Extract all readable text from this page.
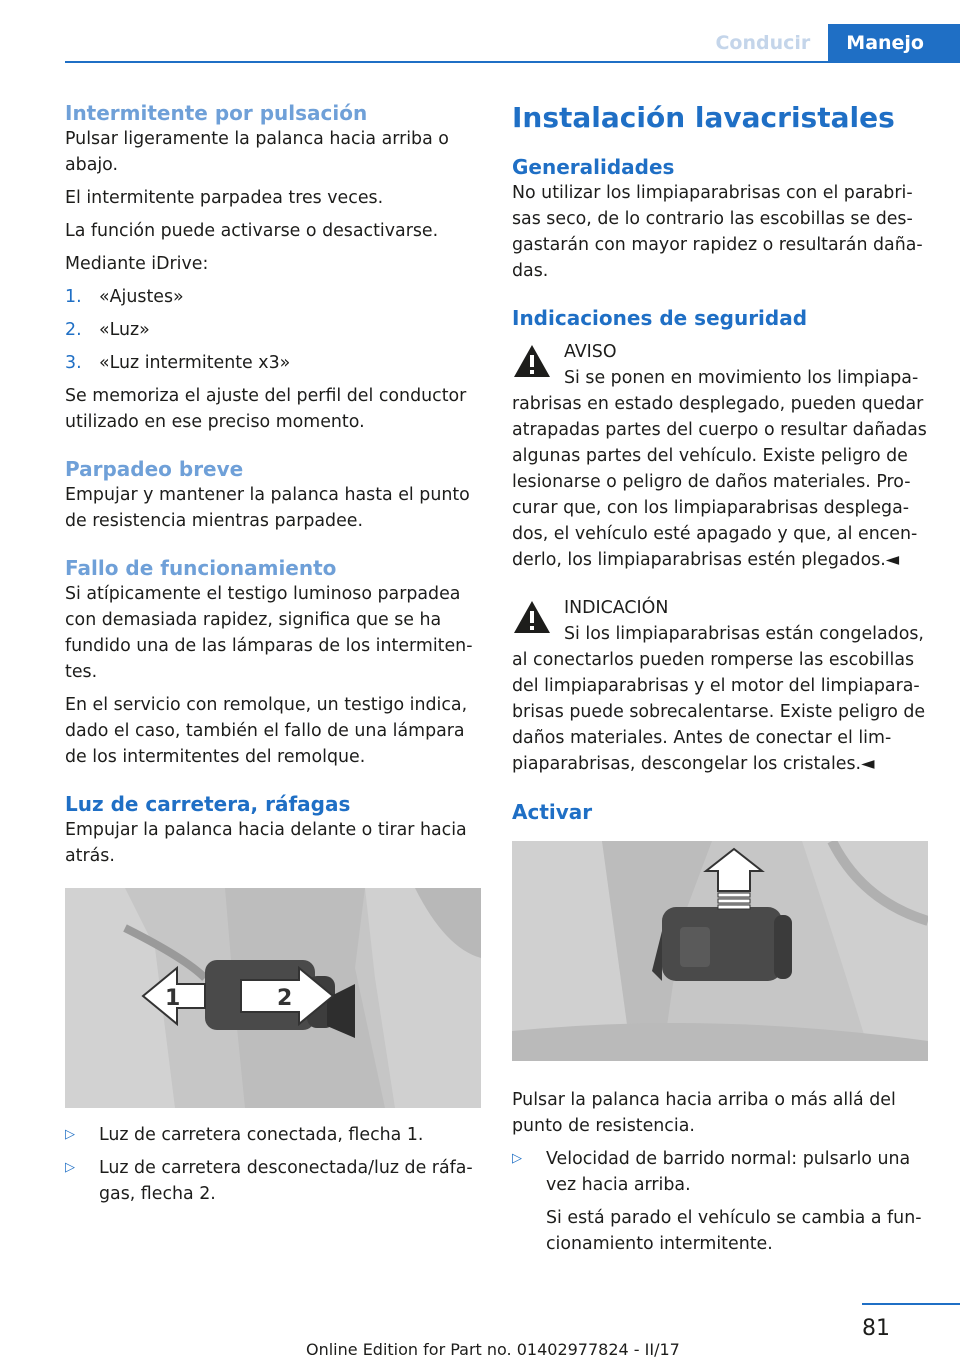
Conducir	Manejo
Intermitente por pulsación

Pulsar ligeramente la palanca hacia arriba o abajo.

El intermitente parpadea tres veces.

La función puede activarse o desactivarse.

Mediante iDrive:

1.	«Ajustes»
2.	«Luz»
3.	«Luz intermitente x3»

Se memoriza el ajuste del perfil del conductor utilizado en ese preciso momento.

Parpadeo breve

Empujar y mantener la palanca hasta el punto de resistencia mientras parpadee.

Fallo de funcionamiento

Si atípicamente el testigo luminoso parpadea con demasiada rapidez, significa que se ha fundido una de las lámparas de los intermiten-tes.

En el servicio con remolque, un testigo indica, dado el caso, también el fallo de una lámpara de los intermitentes del remolque.

Luz de carretera, ráfagas

Empujar la palanca hacia delante o tirar hacia atrás.

1	2
▷	Luz de carretera conectada, flecha 1.
▷	Luz de carretera desconectada/luz de ráfa-gas, flecha 2.
Instalación lavacristales
Generalidades

No utilizar los limpiaparabrisas con el parabri-sas seco, de lo contrario las escobillas se des-gastarán con mayor rapidez o resultarán daña-das.

Indicaciones de seguridad
AVISO
Si se ponen en movimiento los limpiapa-
rabrisas en estado desplegado, pueden quedar atrapadas partes del cuerpo o resultar dañadas algunas partes del vehículo. Existe peligro de lesionarse o peligro de daños materiales. Pro-curar que, con los limpiaparabrisas desplega-dos, el vehículo esté apagado y que, al encen-derlo, los limpiaparabrisas estén plegados.◄
INDICACIÓN
Si los limpiaparabrisas están congelados,
al conectarlos pueden romperse las escobillas del limpiaparabrisas y el motor del limpiapara-brisas puede sobrecalentarse. Existe peligro de daños materiales. Antes de conectar el lim-piaparabrisas, descongelar los cristales.◄
Activar

Pulsar la palanca hacia arriba o más allá del punto de resistencia.

▷	Velocidad de barrido normal: pulsarlo una vez hacia arriba.
Si está parado el vehículo se cambia a fun-cionamiento intermitente.
81
Online Edition for Part no. 01402977824 - II/17
